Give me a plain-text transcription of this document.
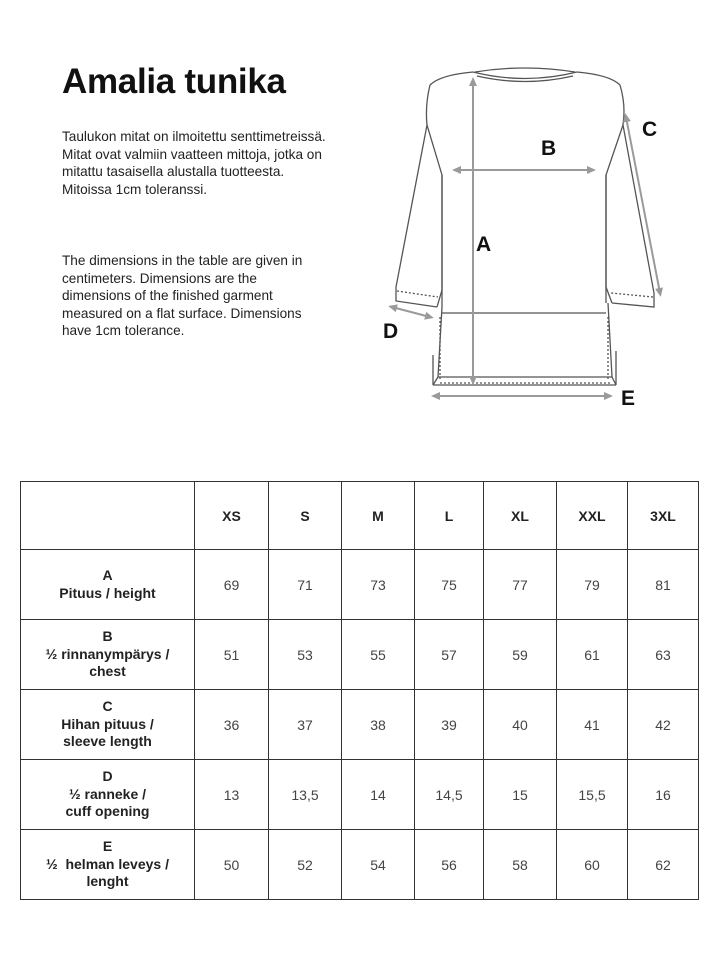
Amalia tunika
Taulukon mitat on ilmoitettu senttimetreissä. Mitat ovat valmiin vaatteen mittoja, jotka on mitattu tasaisella alustalla tuotteesta. Mitoissa 1cm toleranssi.
The dimensions in the table are given in centimeters. Dimensions are the dimensions of the finished garment measured on a flat surface. Dimensions have 1cm tolerance.
A
B
C
D
E
	XS	S	M	L	XL	XXL	3XL

A
Pituus / height	69	71	73	75	77	79	81

B
½ rinnanympärys /
chest	51	53	55	57	59	61	63

C
Hihan pituus /
sleeve length	36	37	38	39	40	41	42

D
½ ranneke /
cuff opening	13	13,5	14	14,5	15	15,5	16

E
½  helman leveys /
lenght	50	52	54	56	58	60	62
